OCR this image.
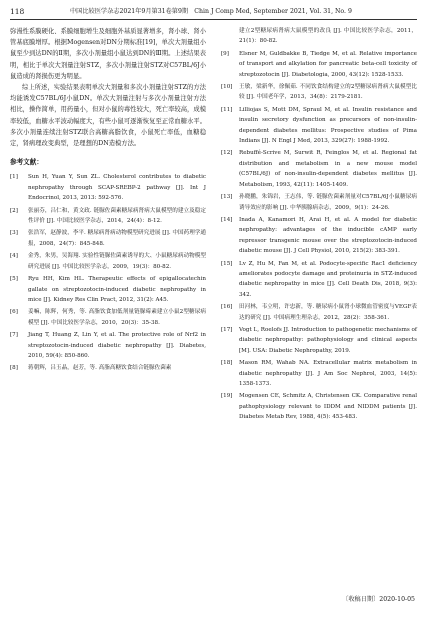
118	中国比较医学杂志2021年9月第31卷第9期　Chin J Comp Med, September 2021, Vol. 31, No. 9

弥漫性系膜硬化、系膜细胞增生及细胞外基质显著增多，肾小球、肾小管基底膜增厚。根据Mogensen对DN分期标准[19]，单次大剂量组小鼠至少到达DN的Ⅱ期，多次小剂量组小鼠达到DN的Ⅲ期。上述结果表明，相比于单次大剂量注射STZ，多次小剂量注射STZ对C57BL/6J小鼠造成的肾损伤更为明显。

综上所述，实验结果表明单次大剂量和多次小剂量注射STZ的方法均能诱发C57BL/6J小鼠DN。单次大剂量注射与多次小剂量注射方法相比，操作简单，用药量小，但对小鼠的毒性较大，死亡率较高，成模率较低，血糖水平波动幅度大，有些小鼠可逐渐恢复至正常血糖水平。多次小剂量连续注射STZ联合高糖高脂饮食，小鼠死亡率低，血糖稳定，肾病理改变典型，是理想的DN造模方法。

参考文献：
[1]	Sun H, Yuan Y, Sun ZL. Cholesterol contributes to diabetic nephropathy through SCAP-SREBP-2 pathway [J]. Int J Endocrinol, 2013, 2013: 592-576.
[2]	张丽芬，吕仁和，黄文政. 链脲佐菌素糖尿病肾病大鼠模型的建立及稳定性评价 [J]. 中国比较医学杂志，2014，24(4)：8-12.
[3]	张浩军，赵静波，李平. 糖尿病肾病动物模型研究进展 [J]. 中国药理学通报，2008，24(7)：845-848.
[4]	金秀，朱男，吴海翔. 实验性链脲佐菌素诱导的大、小鼠糖尿病动物模型研究进展 [J]. 中国比较医学杂志，2009，19(3)：80-82.
[5]	Ryu HH, Kim HL. Therapeutic effects of epigallocatechin gallate on streptozotocin-induced diabetic nephropathy in mice [J]. Kidney Res Clin Pract, 2012, 31(2): A45.
[6]	姜嘛，陈辉，何秀，等. 高脂饮食加低剂量链脲霉素建立小鼠2型糖尿病模型 [J]. 中国比较医学杂志，2010，20(3)：35-38.
[7]	Jiang T, Huang Z, Lin Y, et al. The protective role of Nrf2 in streptozotocin-induced diabetic nephropathy [J]. Diabetes, 2010, 59(4): 850-860.
[8]	蒋朝辉，吕玉晶，赵芳，等. 高脂高糖饮食结合链脲佐菌素
建立2型糖尿病肾病大鼠模型的改良 [J]. 中国比较医学杂志，2011，21(1)：80-82.
[9]	Elsner M, Guldbakke B, Tiedge M, et al. Relative importance of transport and alkylation for pancreatic beta-cell toxicity of streptozotocin [J]. Diabetologia, 2000, 43(12): 1528-1533.
[10]	王敏，梁新华，徐佩茹. 不同饮食结构建立的2型糖尿病肾病大鼠模型比较 [J]. 中国老年学，2013，34(8)：2179-2181.
[11]	Lilliojas S, Mott DM, Spraul M, et al. Insulin resistance and insulin secretory dysfunction as precursors of non-insulin-dependent diabetes mellitus: Prospective studies of Pima Indians [J]. N Engl J Med, 2013, 329(27): 1988-1992.
[12]	Rebuffé-Scrive M, Surwit R, Feinglos M, et al. Regional fat distribution and metabolism in a new mouse model (C57BL/6J) of non-insulin-dependent diabetes mellitus [J]. Metabolism, 1993, 42(11): 1405-1409.
[13]	孙晓鹏，朱锦岩，王志伟，等. 链脲佐菌素剂量对C57BL/6J小鼠糖尿病诱导效应的影响 [J]. 中华胰腺病杂志，2009，9(1)：24-26.
[14]	Inada A, Kanamori H, Arai H, et al. A model for diabetic nephropathy: advantages of the inducible cAMP early repressor transgenic mouse over the streptozotocin-induced diabetic mouse [J]. J Cell Physiol, 2010, 215(2): 383-391.
[15]	Lv Z, Hu M, Fan M, et al. Podocyte-specific Rac1 deficiency ameliorates podocyte damage and proteinuria in STZ-induced diabetic nephropathy in mice [J]. Cell Death Dis, 2018, 9(3): 342.
[16]	田河林，韦立明，许忠新，等. 糖尿病小鼠肾小球微血管密度与VEGF表达的研究 [J]. 中国病理生理杂志，2012，28(2)：358-361.
[17]	Vogt L, Roelofs JJ. Introduction to pathogenetic mechanisms of diabetic nephropathy: pathophysiology and clinical aspects [M]. USA: Diabetic Nephropathy, 2019.
[18]	Mason RM, Wahab NA. Extracellular matrix metabolism in diabetic nephropathy [J]. J Am Soc Nephrol, 2003, 14(5): 1358-1373.
[19]	Mogensen CE, Schmitz A, Christensen CK. Comparative renal pathophysiology relevant to IDDM and NIDDM patients [J]. Diabetes Metab Rev, 1988, 4(5): 453-483.
〔收稿日期〕2020-10-05
